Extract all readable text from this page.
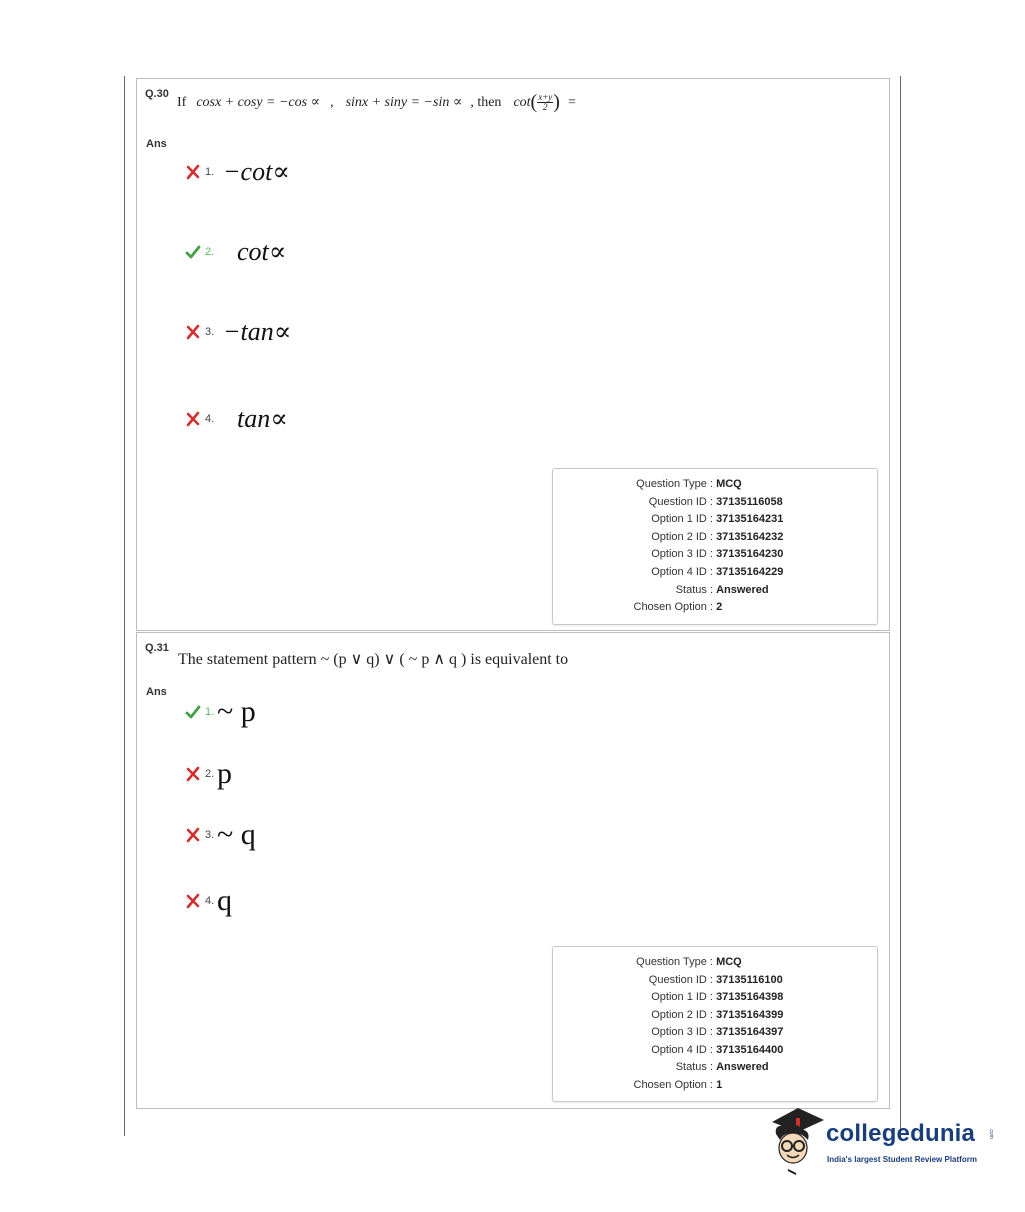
Q.30
If cosx + cosy = −cos ∝ , sinx + siny = −sin ∝ , then $\cot( \frac{x+y}{2}$ ) =
Ans
1. −cot∝
2. cot∝
3. −tan∝
4. tan∝
Question Type : MCQ
Question ID : 37135116058
Option 1 ID : 37135164231
Option 2 ID : 37135164232
Option 3 ID : 37135164230
Option 4 ID : 37135164229
Status : Answered
Chosen Option : 2
Q.31
The statement pattern ~ (p ∨ q) ∨ ( ~ p ∧ q ) is equivalent to
Ans
1. ~ p
2. p
3. ~ q
4. q
Question Type : MCQ
Question ID : 37135116100
Option 1 ID : 37135164398
Option 2 ID : 37135164399
Option 3 ID : 37135164397
Option 4 ID : 37135164400
Status : Answered
Chosen Option : 1
collegedunia	.com
India's largest Student Review Platform
